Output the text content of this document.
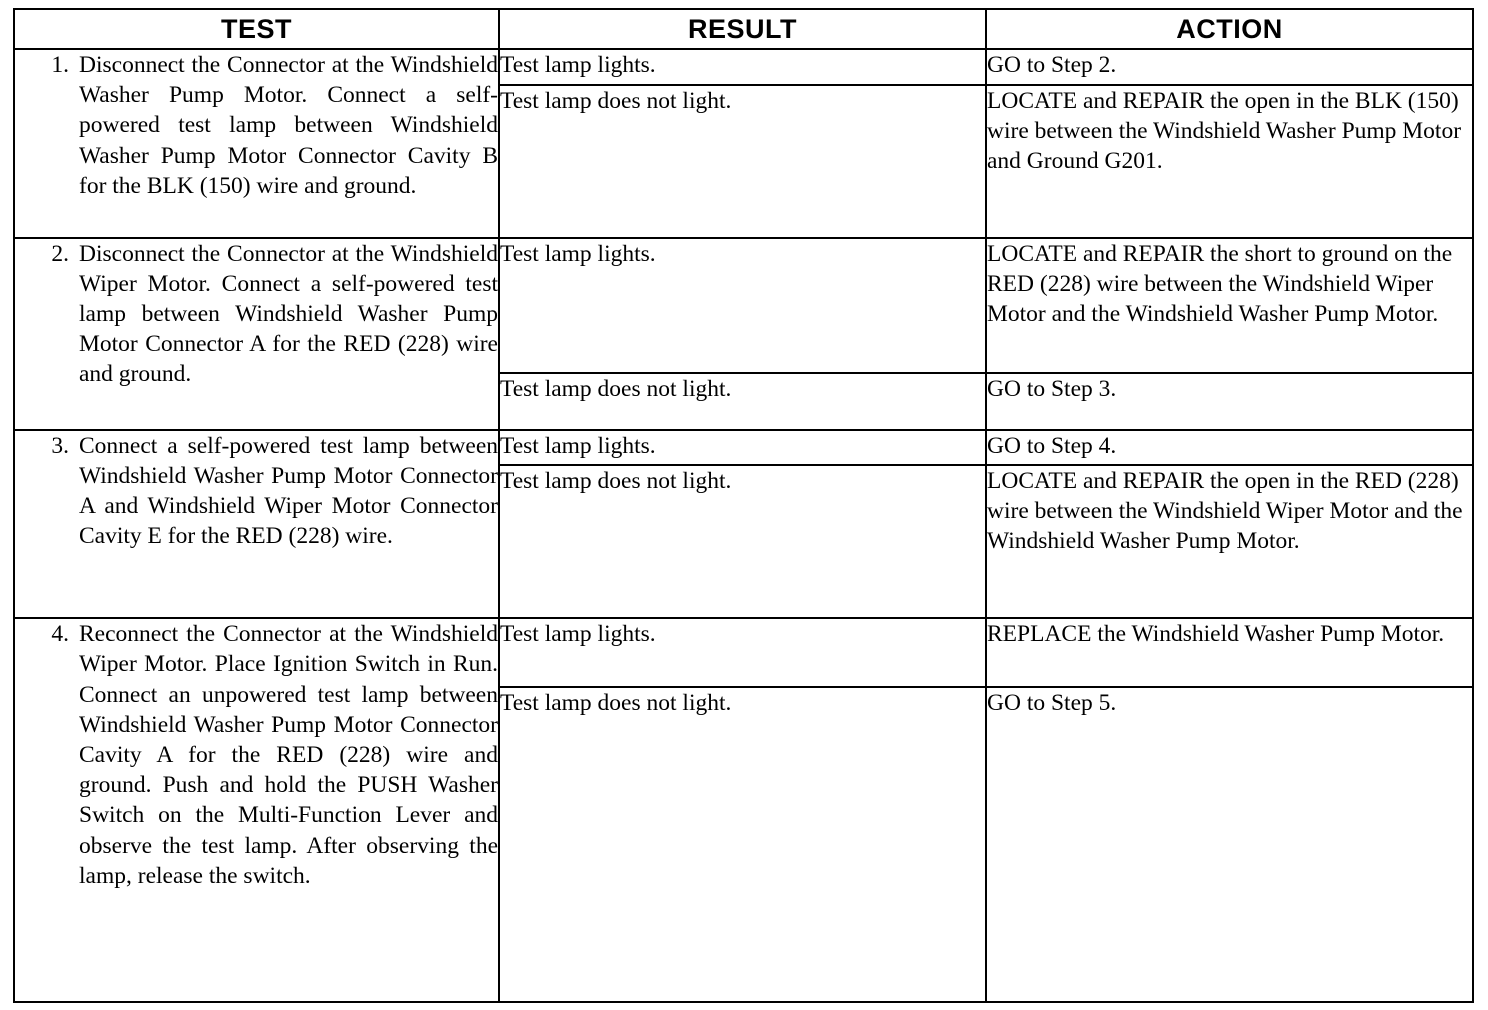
TEST	RESULT	ACTION

1. Disconnect the Connector at the Windshield Washer Pump Motor. Connect a self-powered test lamp between Windshield Washer Pump Motor Connector Cavity B for the BLK (150) wire and ground.	Test lamp lights.	GO to Step 2.
	Test lamp does not light.	LOCATE and REPAIR the open in the BLK (150) wire between the Windshield Washer Pump Motor and Ground G201.

2. Disconnect the Connector at the Windshield Wiper Motor. Connect a self-powered test lamp between Windshield Washer Pump Motor Connector A for the RED (228) wire and ground.	Test lamp lights.	LOCATE and REPAIR the short to ground on the RED (228) wire between the Windshield Wiper Motor and the Windshield Washer Pump Motor.
	Test lamp does not light.	GO to Step 3.

3. Connect a self-powered test lamp between Windshield Washer Pump Motor Connector A and Windshield Wiper Motor Connector Cavity E for the RED (228) wire.	Test lamp lights.	GO to Step 4.
	Test lamp does not light.	LOCATE and REPAIR the open in the RED (228) wire between the Windshield Wiper Motor and the Windshield Washer Pump Motor.

4. Reconnect the Connector at the Windshield Wiper Motor. Place Ignition Switch in Run. Connect an unpowered test lamp between Windshield Washer Pump Motor Connector Cavity A for the RED (228) wire and ground. Push and hold the PUSH Washer Switch on the Multi-Function Lever and observe the test lamp. After observing the lamp, release the switch.	Test lamp lights.	REPLACE the Windshield Washer Pump Motor.
	Test lamp does not light.	GO to Step 5.
